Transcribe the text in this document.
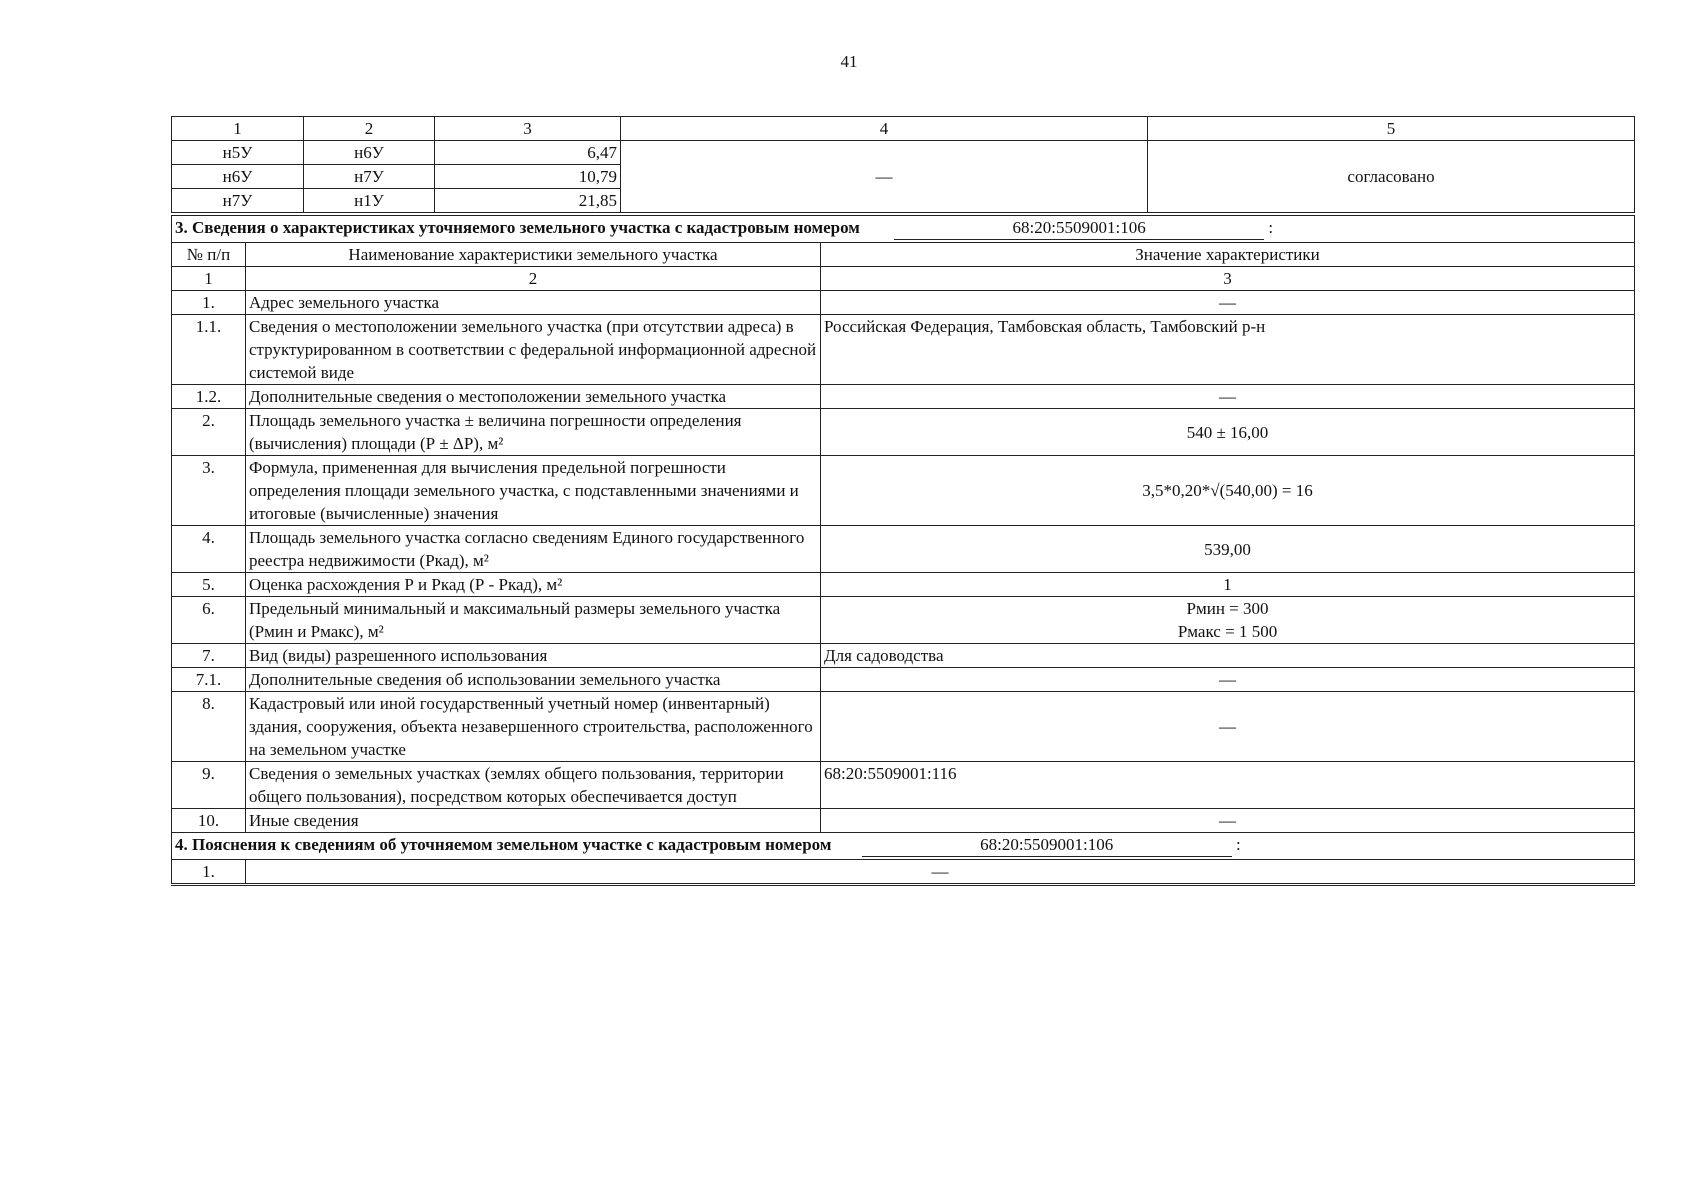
41
1	2	3	4	5
н5У	н6У	6,47	—	согласовано
н6У	н7У	10,79		
н7У	н1У	21,85		
3. Сведения о характеристиках уточняемого земельного участка с кадастровым номером 68:20:5509001:106 :		
№ п/п	Наименование характеристики земельного участка	Значение характеристики
1	2	3
1.	Адрес земельного участка	—
1.1.	Сведения о местоположении земельного участка (при отсутствии адреса) в структурированном в соответствии с федеральной информационной адресной системой виде	Российская Федерация, Тамбовская область, Тамбовский р-н
1.2.	Дополнительные сведения о местоположении земельного участка	—
2.	Площадь земельного участка ± величина погрешности определения (вычисления) площади (Р ± ΔР), м²	540 ± 16,00
3.	Формула, примененная для вычисления предельной погрешности определения площади земельного участка, с подставленными значениями и итоговые (вычисленные) значения	3,5*0,20*√(540,00) = 16
4.	Площадь земельного участка согласно сведениям Единого государственного реестра недвижимости (Ркад), м²	539,00
5.	Оценка расхождения Р и Ркад (Р - Ркад), м²	1
6.	Предельный минимальный и максимальный размеры земельного участка (Рмин и Рмакс), м²	Рмин = 300
Рмакс = 1 500

7.	Вид (виды) разрешенного использования	Для садоводства
7.1.	Дополнительные сведения об использовании земельного участка	—
8.	Кадастровый или иной государственный учетный номер (инвентарный) здания, сооружения, объекта незавершенного строительства, расположенного на земельном участке	—
9.	Сведения о земельных участках (землях общего пользования, территории общего пользования), посредством которых обеспечивается доступ	68:20:5509001:116
10.	Иные сведения	—
4. Пояснения к сведениям об уточняемом земельном участке с кадастровым номером 68:20:5509001:106 :		
1.	—	
